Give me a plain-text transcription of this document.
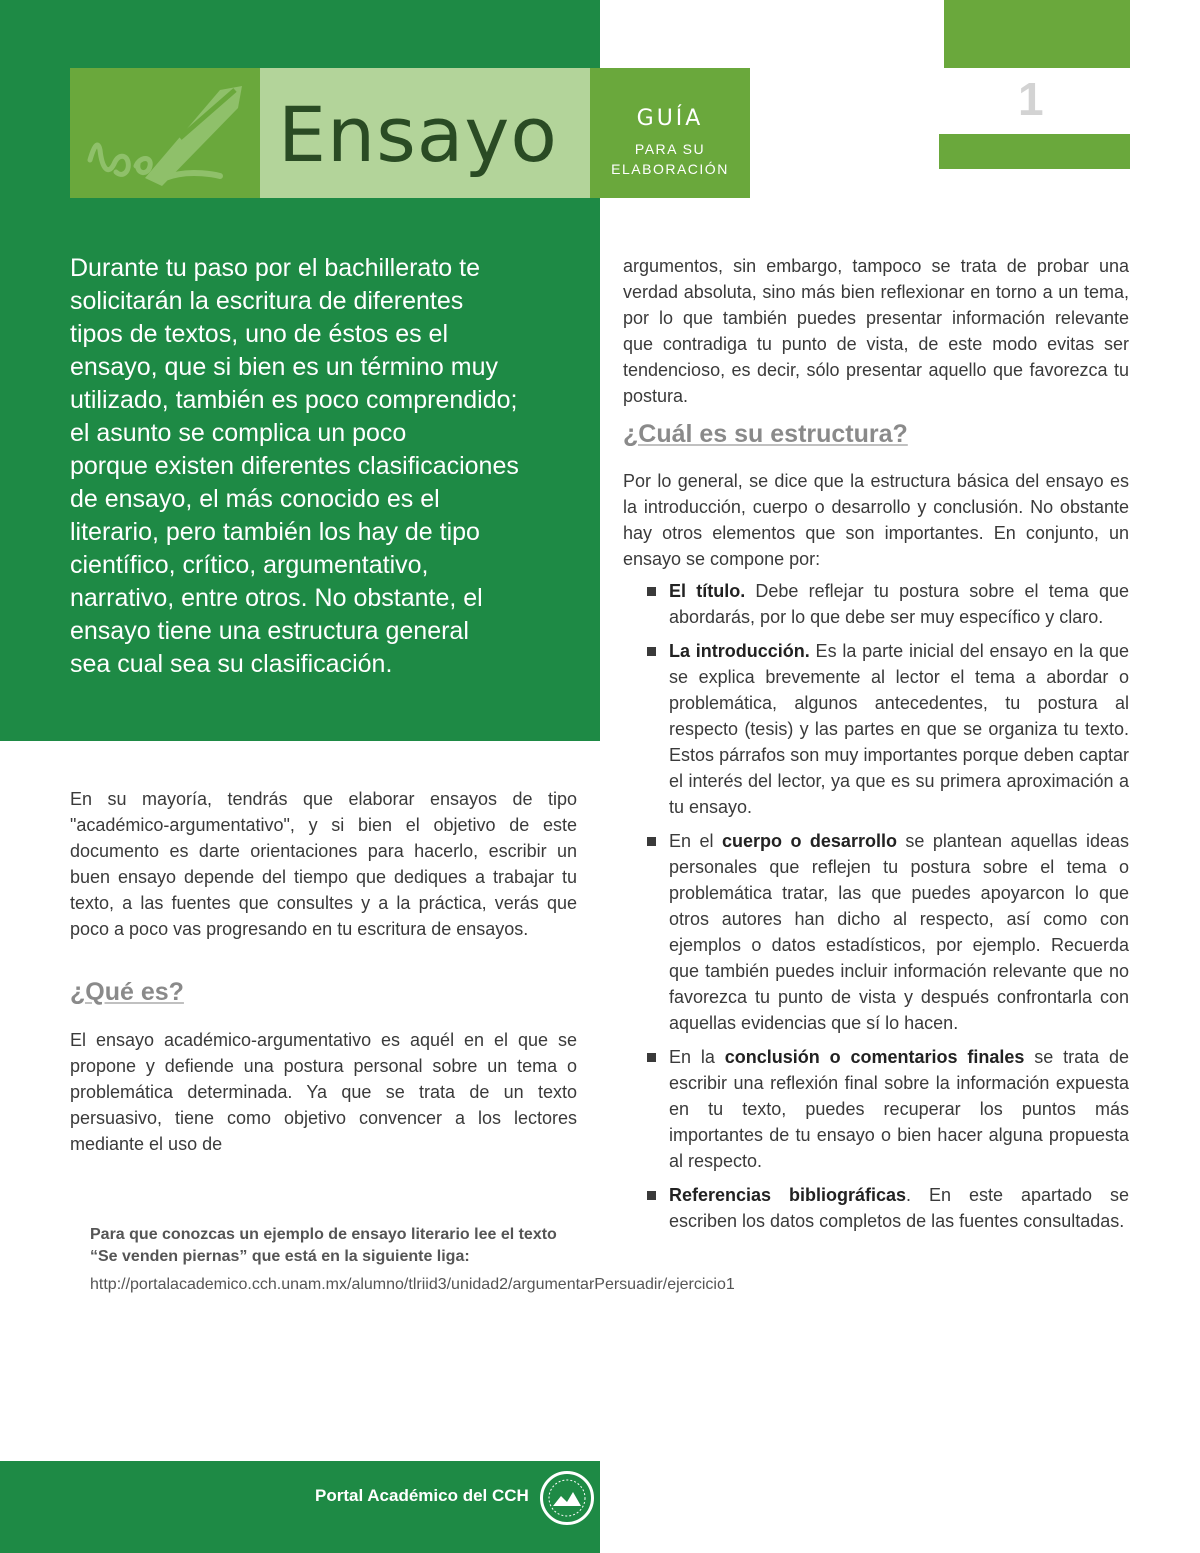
1
Ensayo	GUÍA
PARA SU
ELABORACIÓN
Durante tu paso por el bachillerato te
solicitarán la escritura de diferentes
tipos de textos, uno de éstos es el
ensayo, que si bien es un término muy
utilizado, también es poco comprendido;
el asunto se complica un poco
porque existen diferentes clasificaciones
de ensayo, el más conocido es el
literario, pero también los hay de tipo
científico, crítico, argumentativo,
narrativo, entre otros. No obstante, el
ensayo tiene una estructura general
sea cual sea su clasificación.

En su mayoría, tendrás que elaborar ensayos de tipo "académico-argumentativo", y si bien el objetivo de este documento es darte orientaciones para hacerlo, escribir un buen ensayo depende del tiempo que dediques a trabajar tu texto, a las fuentes que consultes y a la práctica, verás que poco a poco vas progresando en tu escritura de ensayos.

¿Qué es?

El ensayo académico-argumentativo es aquél en el que se propone y defiende una postura personal sobre un tema o problemática determinada. Ya que se trata de un texto persuasivo, tiene como objetivo convencer a los lectores mediante el uso de

Para que conozcas un ejemplo de ensayo literario lee el texto “Se venden piernas” que está en la siguiente liga:
http://portalacademico.cch.unam.mx/alumno/tlriid3/unidad2/argumentarPersuadir/ejercicio1

argumentos, sin embargo, tampoco se trata de probar una verdad absoluta, sino más bien reflexionar en torno a un tema, por lo que también puedes presentar información relevante que contradiga tu punto de vista, de este modo evitas ser tendencioso, es decir, sólo presentar aquello que favorezca tu postura.

¿Cuál es su estructura?

Por lo general, se dice que la estructura básica del ensayo es la introducción, cuerpo o desarrollo y conclusión. No obstante hay otros elementos que son importantes. En conjunto, un ensayo se compone por:

El título. Debe reflejar tu postura sobre el tema que abordarás, por lo que debe ser muy específico y claro.
La introducción. Es la parte inicial del ensayo en la que se explica brevemente al lector el tema a abordar o problemática, algunos antecedentes, tu postura al respecto (tesis) y las partes en que se organiza tu texto. Estos párrafos son muy importantes porque deben captar el interés del lector, ya que es su primera aproximación a tu ensayo.
En el cuerpo o desarrollo se plantean aquellas ideas personales que reflejen tu postura sobre el tema o problemática tratar, las que puedes apoyarcon lo que otros autores han dicho al respecto, así como con ejemplos o datos estadísticos, por ejemplo. Recuerda que también puedes incluir información relevante que no favorezca tu punto de vista y después confrontarla con aquellas evidencias que sí lo hacen.
En la conclusión o comentarios finales se trata de escribir una reflexión final sobre la información expuesta en tu texto, puedes recuperar los puntos más importantes de tu ensayo o bien hacer alguna propuesta al respecto.
Referencias bibliográficas. En este apartado se escriben los datos completos de las fuentes consultadas.
Portal Académico del CCH
